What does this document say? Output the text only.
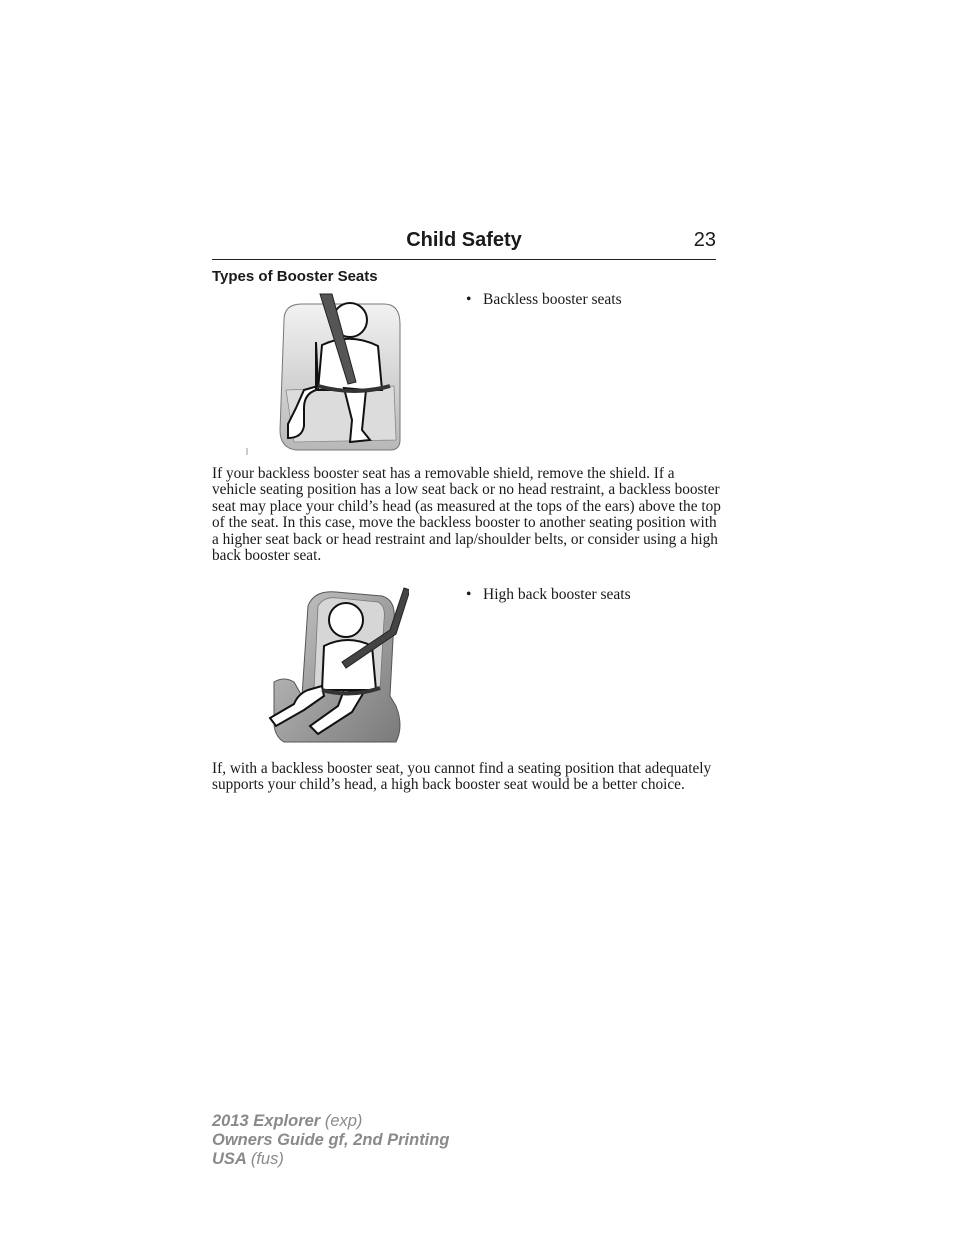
Child Safety	23
Types of Booster Seats
• Backless booster seats
If your backless booster seat has a removable shield, remove the shield. If a vehicle seating position has a low seat back or no head restraint, a backless booster seat may place your child’s head (as measured at the tops of the ears) above the top of the seat. In this case, move the backless booster to another seating position with a higher seat back or head restraint and lap/shoulder belts, or consider using a high back booster seat.
• High back booster seats
If, with a backless booster seat, you cannot find a seating position that adequately supports your child’s head, a high back booster seat would be a better choice.
2013 Explorer (exp)
Owners Guide gf, 2nd Printing
USA (fus)
